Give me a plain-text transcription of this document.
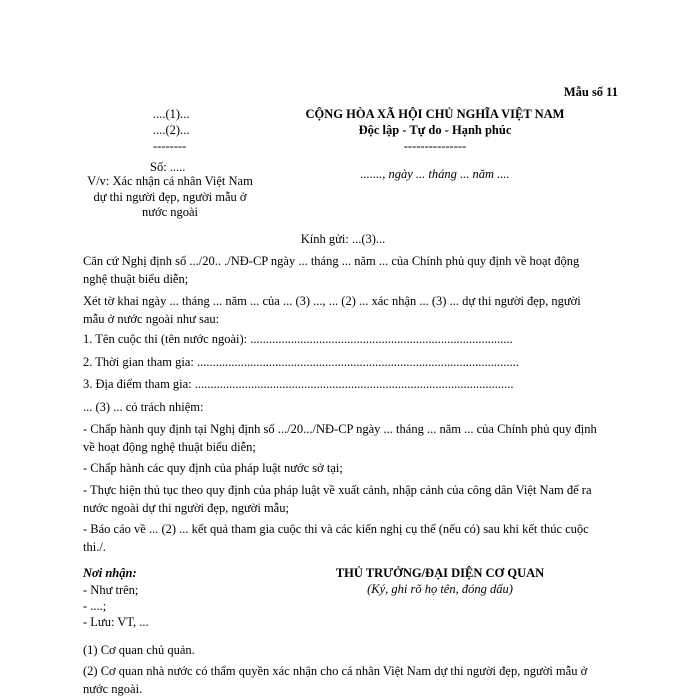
Mẫu số 11
....(1)...
....(2)...
--------
Số: .....
V/v: Xác nhận cá nhân Việt Nam dự thi người đẹp, người mẫu ở nước ngoài
CỘNG HÒA XÃ HỘI CHỦ NGHĨA VIỆT NAM
Độc lập - Tự do - Hạnh phúc
---------------
......., ngày ... tháng ... năm ....
Kính gửi: ...(3)...
Căn cứ Nghị định số .../20.. ./NĐ-CP ngày ... tháng ... năm ... của Chính phủ quy định về hoạt động nghệ thuật biểu diễn;
Xét tờ khai ngày ... tháng ... năm ... của ... (3) ..., ... (2) ... xác nhận ... (3) ... dự thi người đẹp, người mẫu ở nước ngoài như sau:
1. Tên cuộc thi (tên nước ngoài): ....................................................................................
2. Thời gian tham gia: .......................................................................................................
3. Địa điểm tham gia: ......................................................................................................
... (3) ... có trách nhiệm:
- Chấp hành quy định tại Nghị định số .../20.../NĐ-CP ngày ... tháng ... năm ... của Chính phủ quy định về hoạt động nghệ thuật biểu diễn;
- Chấp hành các quy định của pháp luật nước sở tại;
- Thực hiện thủ tục theo quy định của pháp luật về xuất cảnh, nhập cảnh của công dân Việt Nam để ra nước ngoài dự thi người đẹp, người mẫu;
- Báo cáo về ... (2) ... kết quả tham gia cuộc thi và các kiến nghị cụ thể (nếu có) sau khi kết thúc cuộc thi./.
Nơi nhận:
- Như trên;
- ....;
- Lưu: VT, ...
THỦ TRƯỞNG/ĐẠI DIỆN CƠ QUAN
(Ký, ghi rõ họ tên, đóng dấu)
(1) Cơ quan chủ quản.
(2) Cơ quan nhà nước có thẩm quyền xác nhận cho cá nhân Việt Nam dự thi người đẹp, người mẫu ở nước ngoài.
